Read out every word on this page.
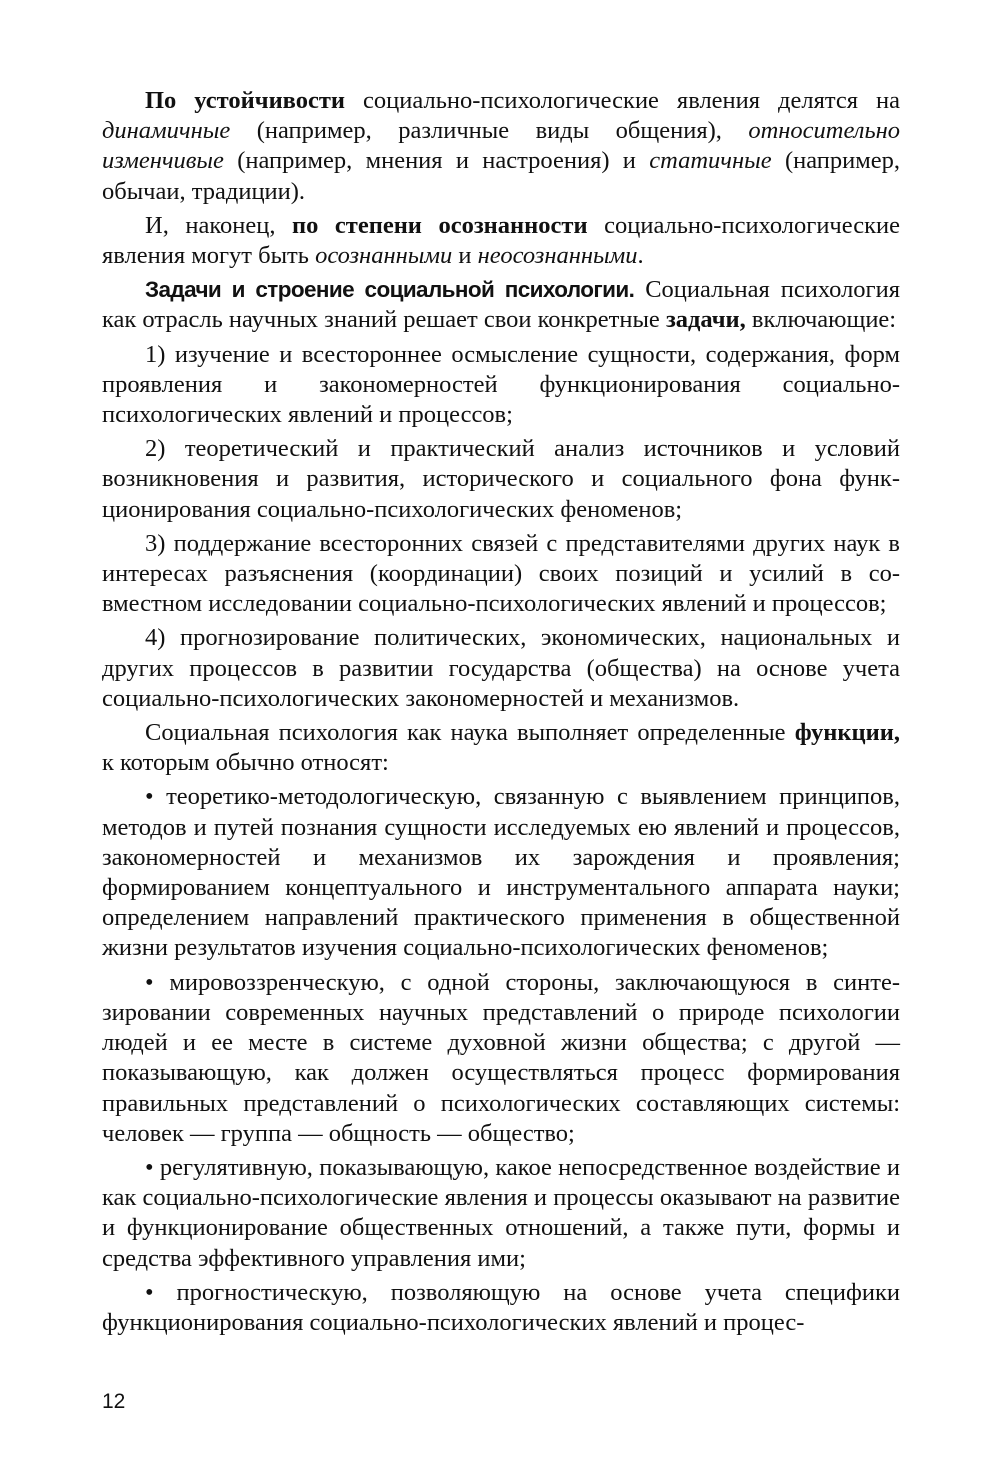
По устойчивости социально-психологические явления делятся на динамичные (например, различные виды общения), относительно изменчивые (например, мнения и настроения) и статичные (например, обычаи, традиции).

И, наконец, по степени осознанности социально-психологические явления могут быть осознанными и неосознанными.

Задачи и строение социальной психологии. Социальная психология как отрасль научных знаний решает свои конкретные задачи, включающие:

1) изучение и всестороннее осмысление сущности, содержания, форм проявления и закономерностей функционирования социально-психологических явлений и процессов;

2) теоретический и практический анализ источников и условий возникновения и развития, исторического и социального фона функционирования социально-психологических феноменов;

3) поддержание всесторонних связей с представителями других наук в интересах разъяснения (координации) своих позиций и усилий в совместном исследовании социально-психологических явлений и процессов;

4) прогнозирование политических, экономических, национальных и других процессов в развитии государства (общества) на основе учета социально-психологических закономерностей и механизмов.

Социальная психология как наука выполняет определенные функции, к которым обычно относят:

• теоретико-методологическую, связанную с выявлением принципов, методов и путей познания сущности исследуемых ею явлений и процессов, закономерностей и механизмов их зарождения и проявления; формированием концептуального и инструментального аппарата науки; определением направлений практического применения в общественной жизни результатов изучения социально-психологических феноменов;

• мировоззренческую, с одной стороны, заключающуюся в синтезировании современных научных представлений о природе психологии людей и ее месте в системе духовной жизни общества; с другой — показывающую, как должен осуществляться процесс формирования правильных представлений о психологических составляющих системы: человек — группа — общность — общество;

• регулятивную, показывающую, какое непосредственное воздействие и как социально-психологические явления и процессы оказывают на развитие и функционирование общественных отношений, а также пути, формы и средства эффективного управления ими;

• прогностическую, позволяющую на основе учета специфики функционирования социально-психологических явлений и процес-

12
